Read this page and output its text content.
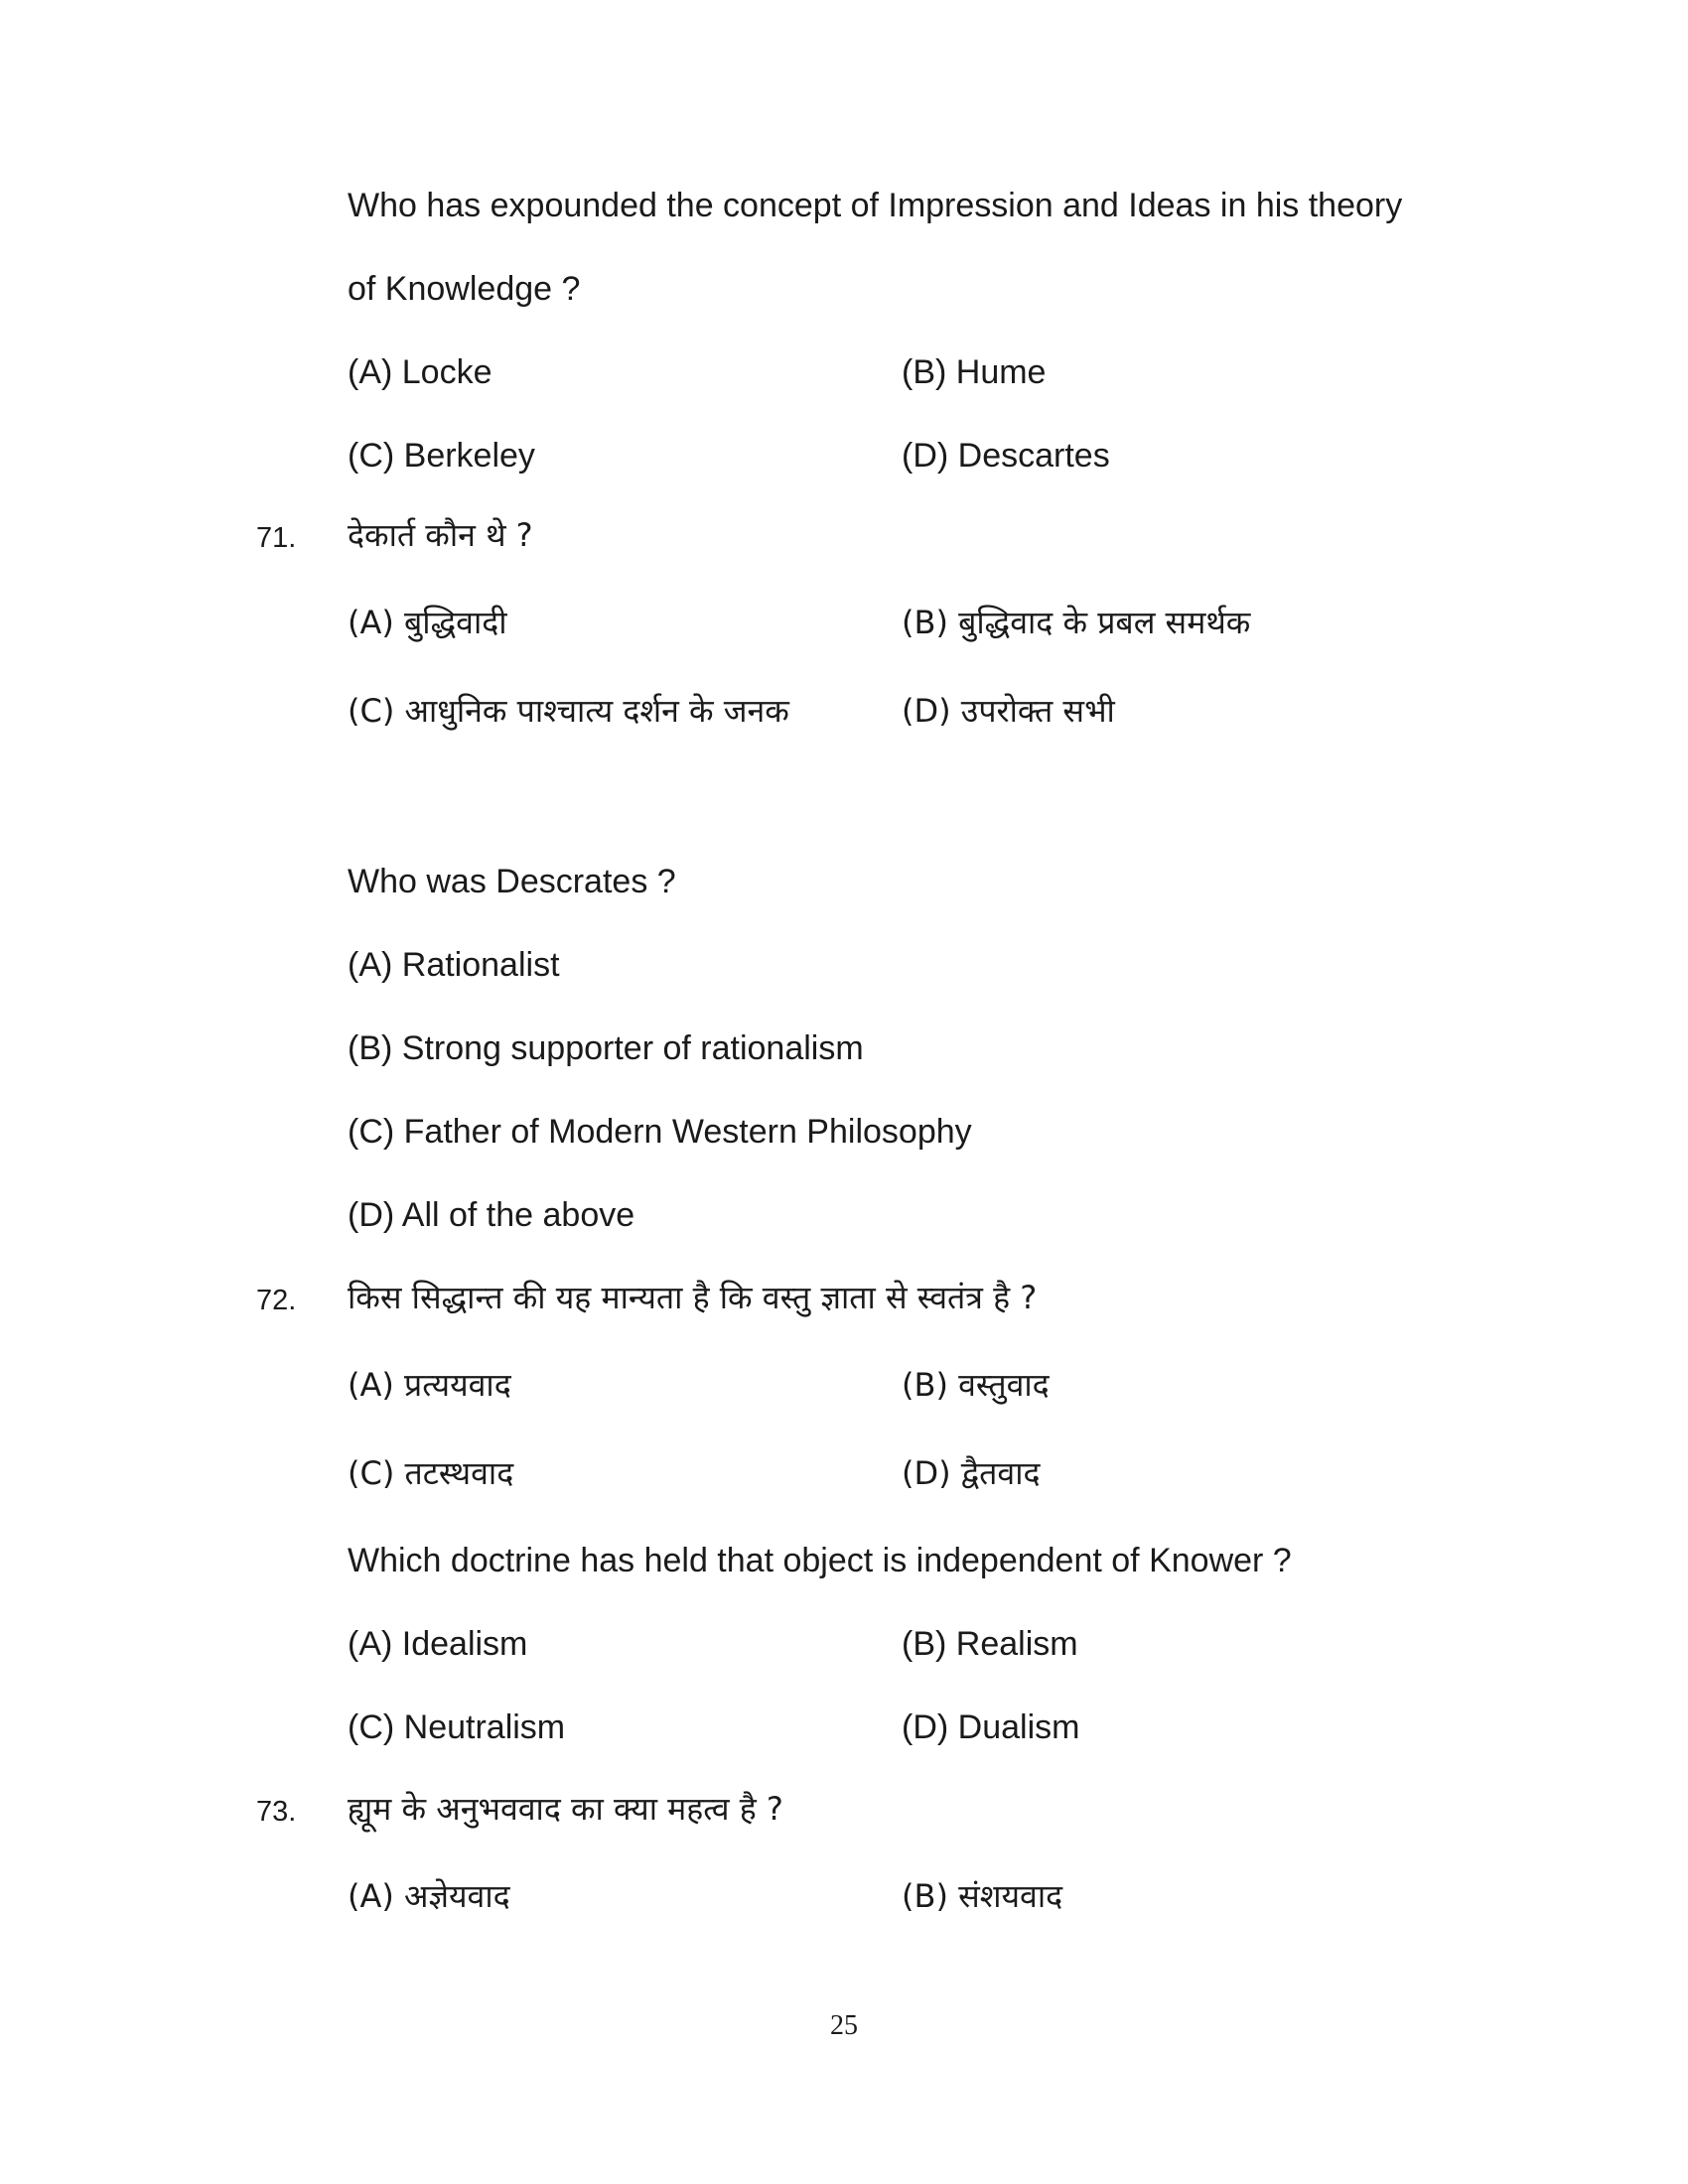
Who has expounded the concept of Impression and Ideas in his theory
of Knowledge ?
(A) Locke	(B) Hume
(C) Berkeley	(D) Descartes
71. देकार्त कौन थे ?
(A) बुद्धिवादी	(B) बुद्धिवाद के प्रबल समर्थक
(C) आधुनिक पाश्चात्य दर्शन के जनक	(D) उपरोक्त सभी
Who was Descrates ?
(A) Rationalist
(B) Strong supporter of rationalism
(C) Father of Modern Western Philosophy
(D) All of the above
72. किस सिद्धान्त की यह मान्यता है कि वस्तु ज्ञाता से स्वतंत्र है ?
(A) प्रत्ययवाद	(B) वस्तुवाद
(C) तटस्थवाद	(D) द्वैतवाद
Which doctrine has held that object is independent of Knower ?
(A) Idealism	(B) Realism
(C) Neutralism	(D) Dualism
73. ह्यूम के अनुभववाद का क्या महत्व है ?
(A) अज्ञेयवाद	(B) संशयवाद
25
